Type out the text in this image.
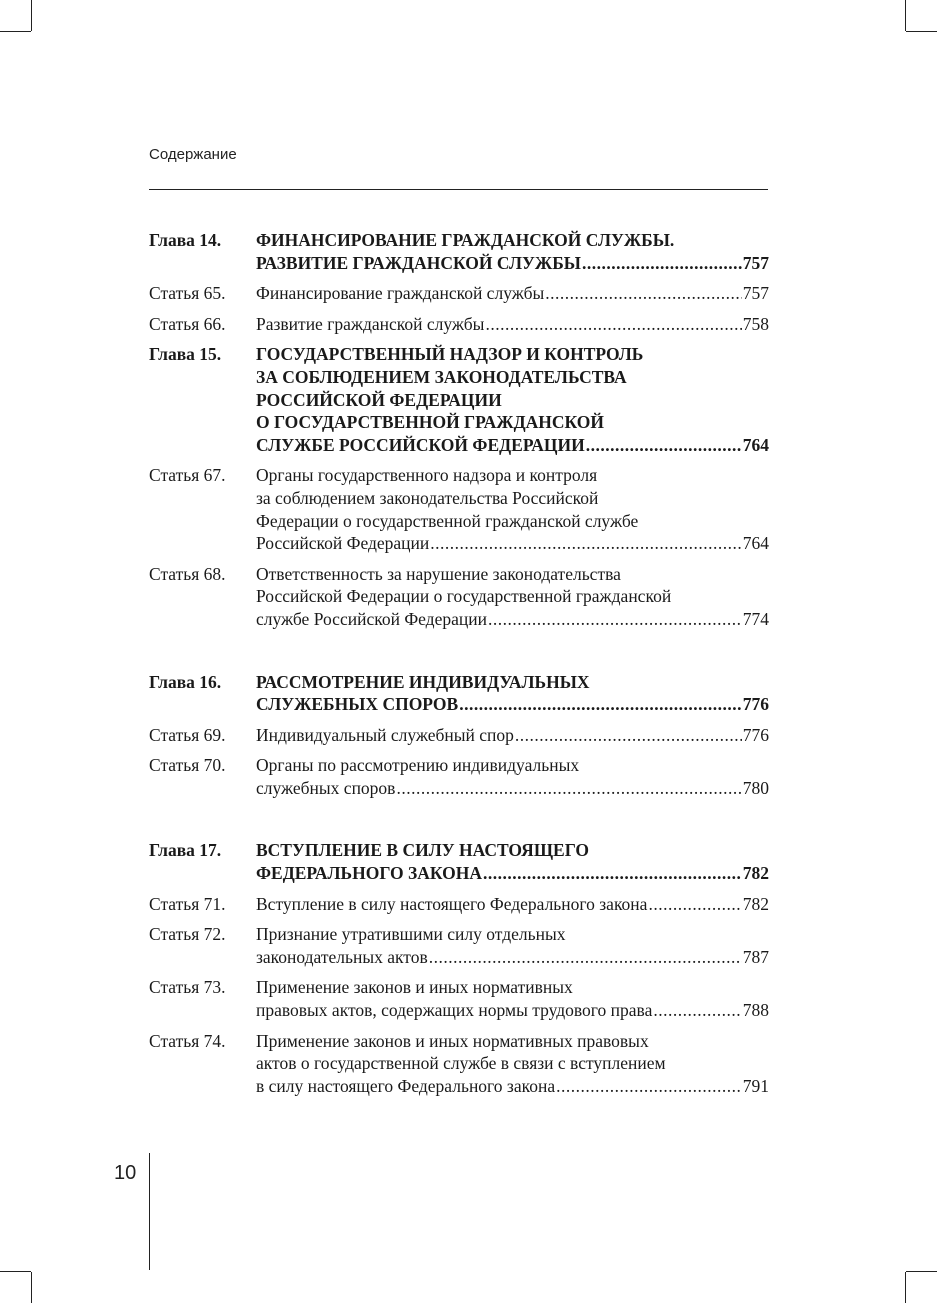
Содержание
Глава 14.	ФИНАНСИРОВАНИЕ ГРАЖДАНСКОЙ СЛУЖБЫ.
РАЗВИТИЕ ГРАЖДАНСКОЙ СЛУЖБЫ .....	757
Статья 65.	Финансирование гражданской службы .....	757
Статья 66.	Развитие гражданской службы .....	758
Глава 15.	ГОСУДАРСТВЕННЫЙ НАДЗОР И КОНТРОЛЬ
ЗА СОБЛЮДЕНИЕМ ЗАКОНОДАТЕЛЬСТВА
РОССИЙСКОЙ ФЕДЕРАЦИИ
О ГОСУДАРСТВЕННОЙ ГРАЖДАНСКОЙ
СЛУЖБЕ РОССИЙСКОЙ ФЕДЕРАЦИИ .....	764
Статья 67.	Органы государственного надзора и контроля
за соблюдением законодательства Российской
Федерации о государственной гражданской службе
Российской Федерации .....	764
Статья 68.	Ответственность за нарушение законодательства
Российской Федерации о государственной гражданской
службе Российской Федерации .....	774
Глава 16.	РАССМОТРЕНИЕ ИНДИВИДУАЛЬНЫХ
СЛУЖЕБНЫХ СПОРОВ .....	776
Статья 69.	Индивидуальный служебный спор .....	776
Статья 70.	Органы по рассмотрению индивидуальных
служебных споров .....	780
Глава 17.	ВСТУПЛЕНИЕ В СИЛУ НАСТОЯЩЕГО
ФЕДЕРАЛЬНОГО ЗАКОНА .....	782
Статья 71.	Вступление в силу настоящего Федерального закона .....	782
Статья 72.	Признание утратившими силу отдельных
законодательных актов .....	787
Статья 73.	Применение законов и иных нормативных
правовых актов, содержащих нормы трудового права .....	788
Статья 74.	Применение законов и иных нормативных правовых
актов о государственной службе в связи с вступлением
в силу настоящего Федерального закона .....	791
10
